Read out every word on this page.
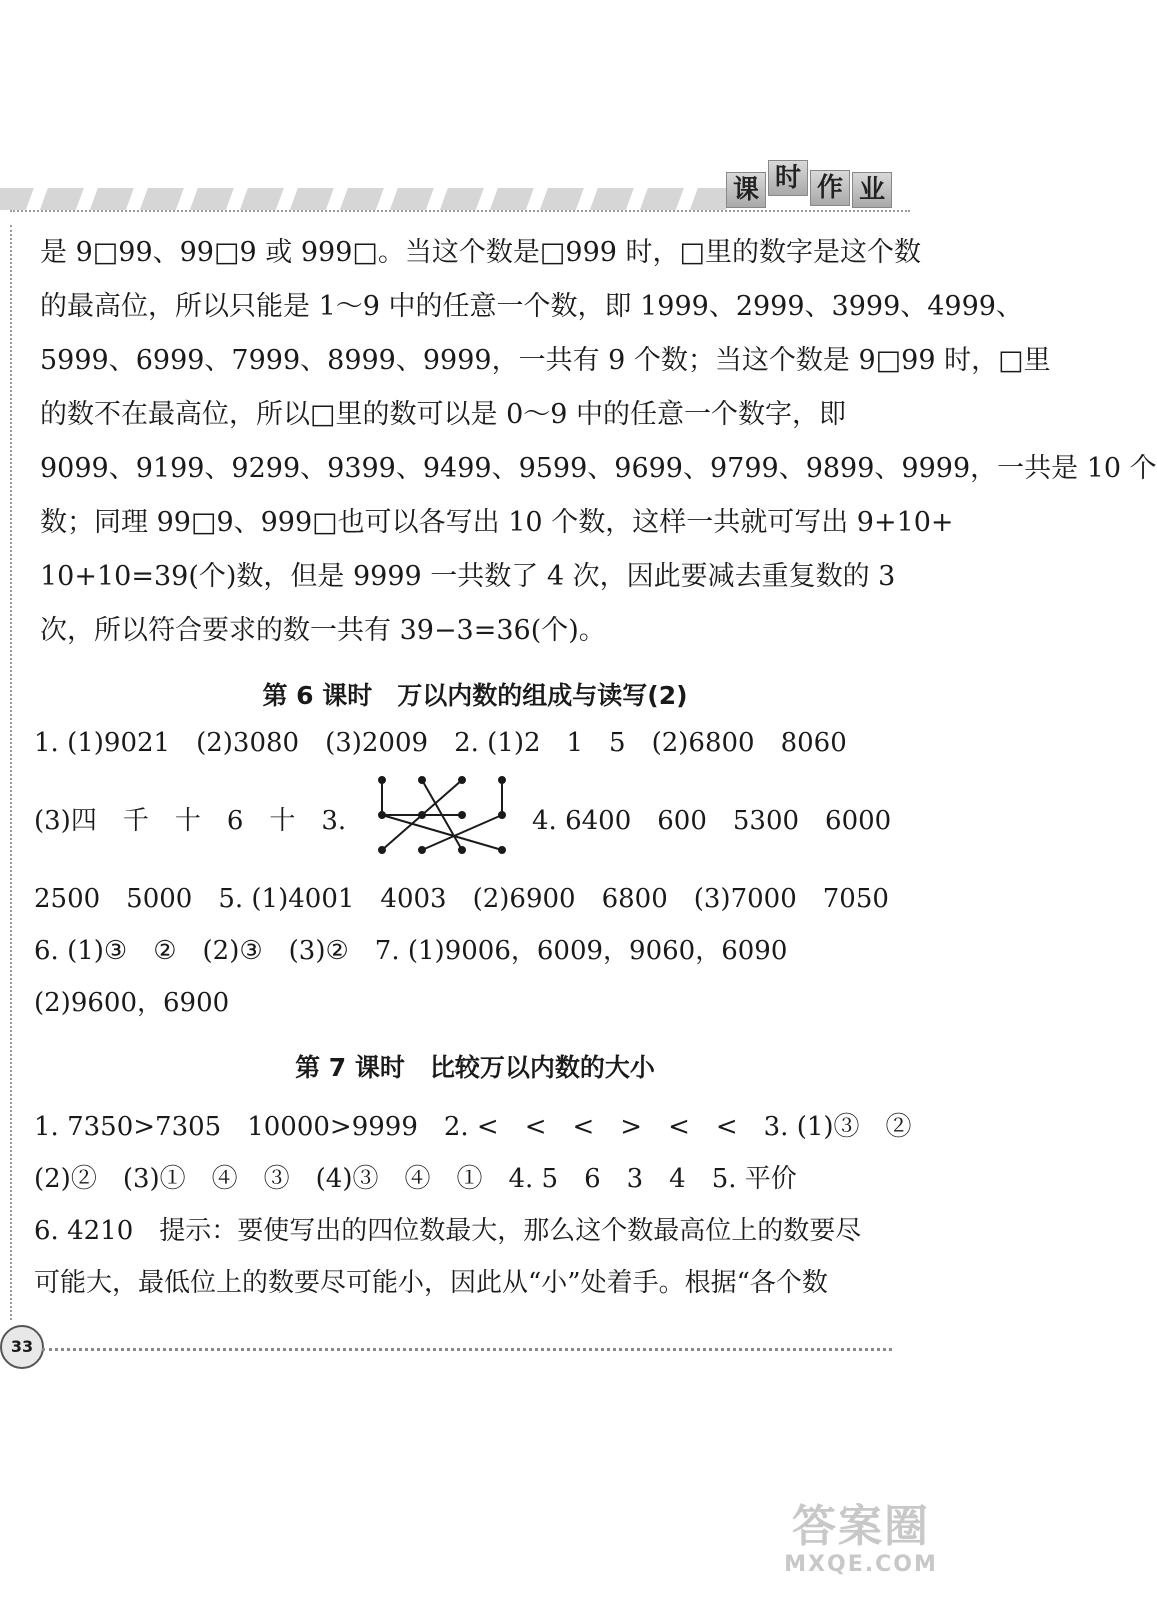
课 时 作 业
是 9□99、99□9 或 999□。当这个数是□999 时，□里的数字是这个数
的最高位，所以只能是 1～9 中的任意一个数，即 1999、2999、3999、4999、
5999、6999、7999、8999、9999，一共有 9 个数；当这个数是 9□99 时，□里
的数不在最高位，所以□里的数可以是 0～9 中的任意一个数字，即
9099、9199、9299、9399、9499、9599、9699、9799、9899、9999，一共是 10 个
数；同理 99□9、999□也可以各写出 10 个数，这样一共就可写出 9+10+
10+10=39(个)数，但是 9999 一共数了 4 次，因此要减去重复数的 3
次，所以符合要求的数一共有 39−3=36(个)。
第 6 课时　万以内数的组成与读写(2)
1. (1)9021　(2)3080　(3)2009　2. (1)2　1　5　(2)6800　8060
(3)四　千　十　6　十　3.	4. 6400　600　5300　6000
2500　5000　5. (1)4001　4003　(2)6900　6800　(3)7000　7050
6. (1)③　②　(2)③　(3)②　7. (1)9006，6009，9060，6090
(2)9600，6900
第 7 课时　比较万以内数的大小
1. 7350>7305　10000>9999　2. <　<　<　>　<　<　3. (1)③　②
(2)②　(3)①　④　③　(4)③　④　①　4. 5　6　3　4　5. 平价
6. 4210　提示：要使写出的四位数最大，那么这个数最高位上的数要尽
可能大，最低位上的数要尽可能小，因此从“小”处着手。根据“各个数
33
答案圈
MXQE.COM
